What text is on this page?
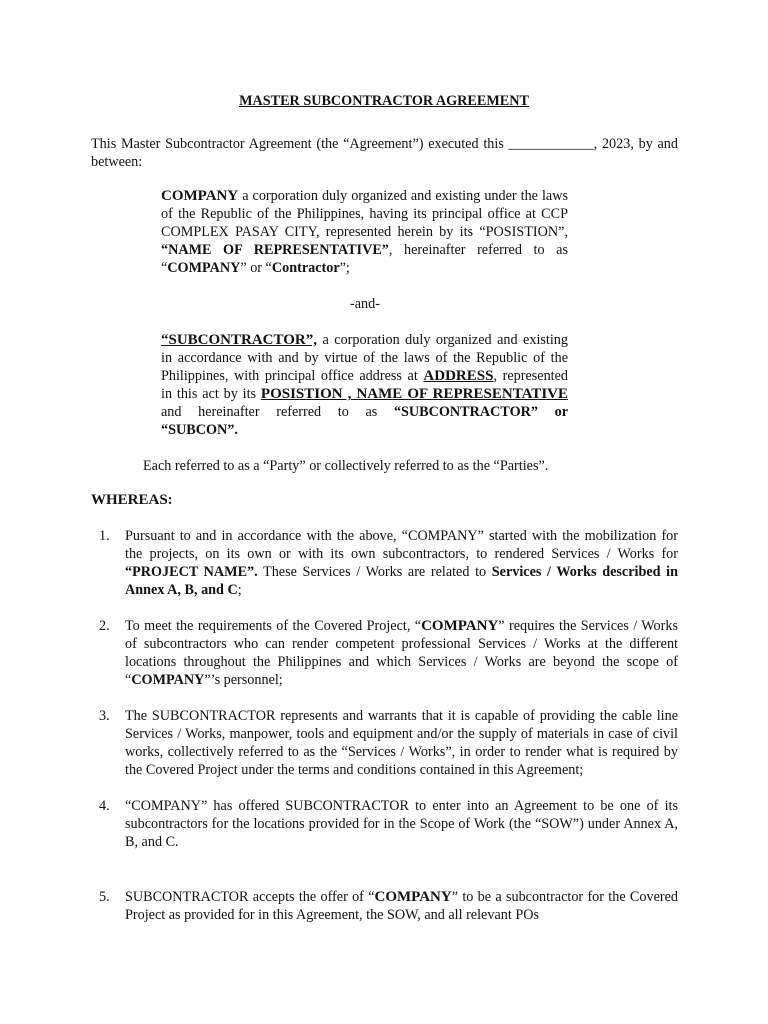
MASTER SUBCONTRACTOR AGREEMENT
This Master Subcontractor Agreement (the “Agreement”) executed this ____________, 2023, by and between:
COMPANY a corporation duly organized and existing under the laws of the Republic of the Philippines, having its principal office at CCP COMPLEX PASAY CITY, represented herein by its “POSISTION”, “NAME OF REPRESENTATIVE”, hereinafter referred to as “COMPANY” or “Contractor”;
-and-
“SUBCONTRACTOR”, a corporation duly organized and existing in accordance with and by virtue of the laws of the Republic of the Philippines, with principal office address at ADDRESS, represented in this act by its POSISTION , NAME OF REPRESENTATIVE and hereinafter referred to as “SUBCONTRACTOR” or “SUBCON”.
Each referred to as a “Party” or collectively referred to as the “Parties”.
WHEREAS:
1.	Pursuant to and in accordance with the above, “COMPANY” started with the mobilization for the projects, on its own or with its own subcontractors, to rendered Services / Works for “PROJECT NAME”. These Services / Works are related to Services / Works described in Annex A, B, and C;
2.	To meet the requirements of the Covered Project, “COMPANY” requires the Services / Works of subcontractors who can render competent professional Services / Works at the different locations throughout the Philippines and which Services / Works are beyond the scope of “COMPANY”’s personnel;
3.	The SUBCONTRACTOR represents and warrants that it is capable of providing the cable line Services / Works, manpower, tools and equipment and/or the supply of materials in case of civil works, collectively referred to as the “Services / Works”, in order to render what is required by the Covered Project under the terms and conditions contained in this Agreement;
4.	“COMPANY” has offered SUBCONTRACTOR to enter into an Agreement to be one of its subcontractors for the locations provided for in the Scope of Work (the “SOW”) under Annex A, B, and C.
5.	SUBCONTRACTOR accepts the offer of “COMPANY” to be a subcontractor for the Covered Project as provided for in this Agreement, the SOW, and all relevant POs
